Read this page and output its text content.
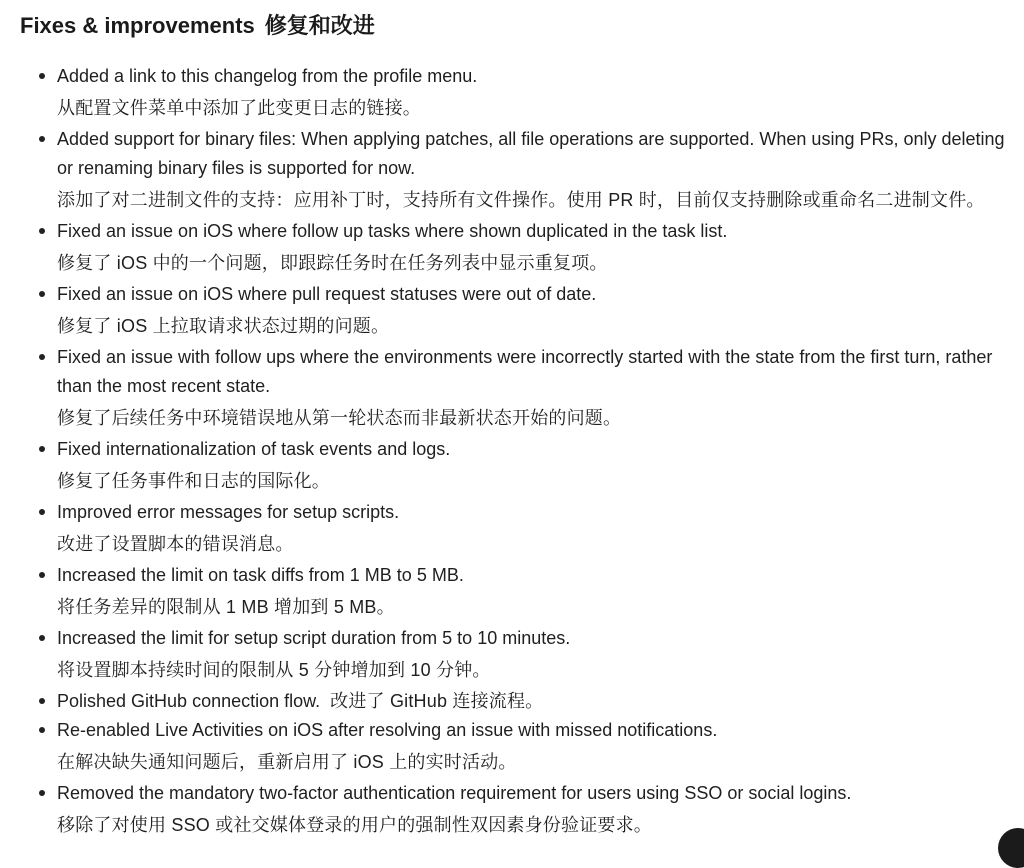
Fixes & improvements 修复和改进
Added a link to this changelog from the profile menu.
从配置文件菜单中添加了此变更日志的链接。
Added support for binary files: When applying patches, all file operations are supported. When using PRs, only deleting or renaming binary files is supported for now.
添加了对二进制文件的支持：应用补丁时，支持所有文件操作。使用 PR 时，目前仅支持删除或重命名二进制文件。
Fixed an issue on iOS where follow up tasks where shown duplicated in the task list.
修复了 iOS 中的一个问题，即跟踪任务时在任务列表中显示重复项。
Fixed an issue on iOS where pull request statuses were out of date.
修复了 iOS 上拉取请求状态过期的问题。
Fixed an issue with follow ups where the environments were incorrectly started with the state from the first turn, rather than the most recent state.
修复了后续任务中环境错误地从第一轮状态而非最新状态开始的问题。
Fixed internationalization of task events and logs.
修复了任务事件和日志的国际化。
Improved error messages for setup scripts.
改进了设置脚本的错误消息。
Increased the limit on task diffs from 1 MB to 5 MB.
将任务差异的限制从 1 MB 增加到 5 MB。
Increased the limit for setup script duration from 5 to 10 minutes.
将设置脚本持续时间的限制从 5 分钟增加到 10 分钟。
Polished GitHub connection flow. 改进了 GitHub 连接流程。
Re-enabled Live Activities on iOS after resolving an issue with missed notifications.
在解决缺失通知问题后，重新启用了 iOS 上的实时活动。
Removed the mandatory two-factor authentication requirement for users using SSO or social logins.
移除了对使用 SSO 或社交媒体登录的用户的强制性双因素身份验证要求。
